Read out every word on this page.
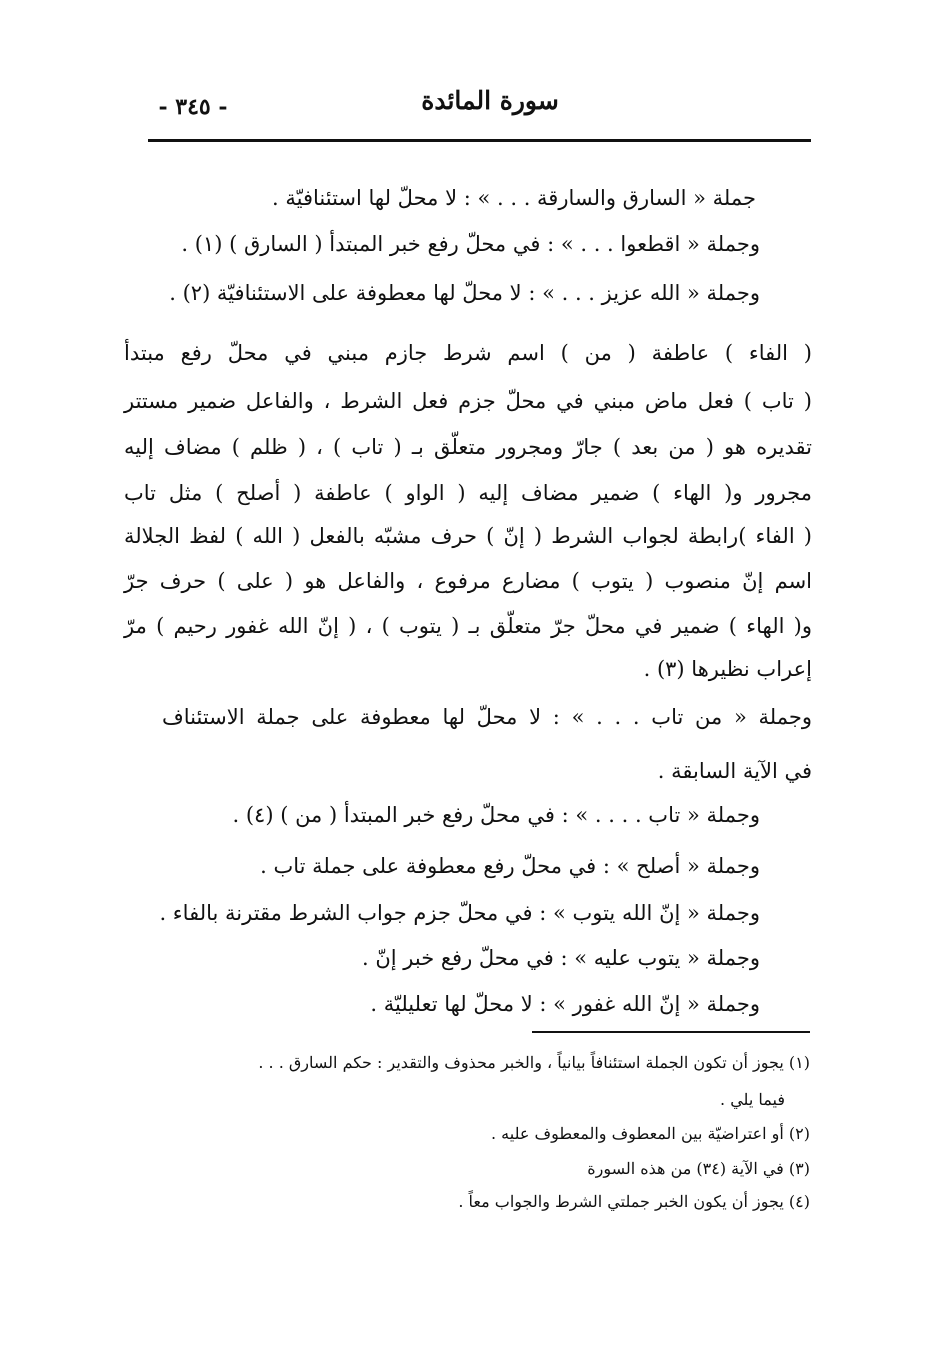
سورة المائدة
- ٣٤٥ -
جملة « السارق والسارقة . . . » : لا محلّ لها استئنافيّة .
وجملة « اقطعوا . . . » : في محلّ رفع خبر المبتدأ ( السارق ) (١) .
وجملة « الله عزيز . . . » : لا محلّ لها معطوفة على الاستئنافيّة (٢) .
( الفاء ) عاطفة ( من ) اسم شرط جازم مبني في محلّ رفع مبتدأ
( تاب ) فعل ماض مبني في محلّ جزم فعل الشرط ، والفاعل ضمير مستتر
تقديره هو ( من بعد ) جارّ ومجرور متعلّق بـ ( تاب ) ، ( ظلم ) مضاف إليه
مجرور و( الهاء ) ضمير مضاف إليه ( الواو ) عاطفة ( أصلح ) مثل تاب
( الفاء )رابطة لجواب الشرط ( إنّ ) حرف مشبّه بالفعل ( الله ) لفظ الجلالة
اسم إنّ منصوب ( يتوب ) مضارع مرفوع ، والفاعل هو ( على ) حرف جرّ
و( الهاء ) ضمير في محلّ جرّ متعلّق بـ ( يتوب ) ، ( إنّ الله غفور رحيم ) مرّ
إعراب نظيرها (٣) .
وجملة « من تاب . . . » : لا محلّ لها معطوفة على جملة الاستئناف
في الآية السابقة .
وجملة « تاب . . . . » : في محلّ رفع خبر المبتدأ ( من ) (٤) .
وجملة « أصلح » : في محلّ رفع معطوفة على جملة تاب .
وجملة « إنّ الله يتوب » : في محلّ جزم جواب الشرط مقترنة بالفاء .
وجملة « يتوب عليه » : في محلّ رفع خبر إنّ .
وجملة « إنّ الله غفور » : لا محلّ لها تعليليّة .
(١) يجوز أن تكون الجملة استئنافاً بيانياً ، والخبر محذوف والتقدير : حكم السارق . . .
فيما يلي .
(٢) أو اعتراضيّة بين المعطوف والمعطوف عليه .
(٣) في الآية (٣٤) من هذه السورة
(٤) يجوز أن يكون الخبر جملتي الشرط والجواب معاً .
